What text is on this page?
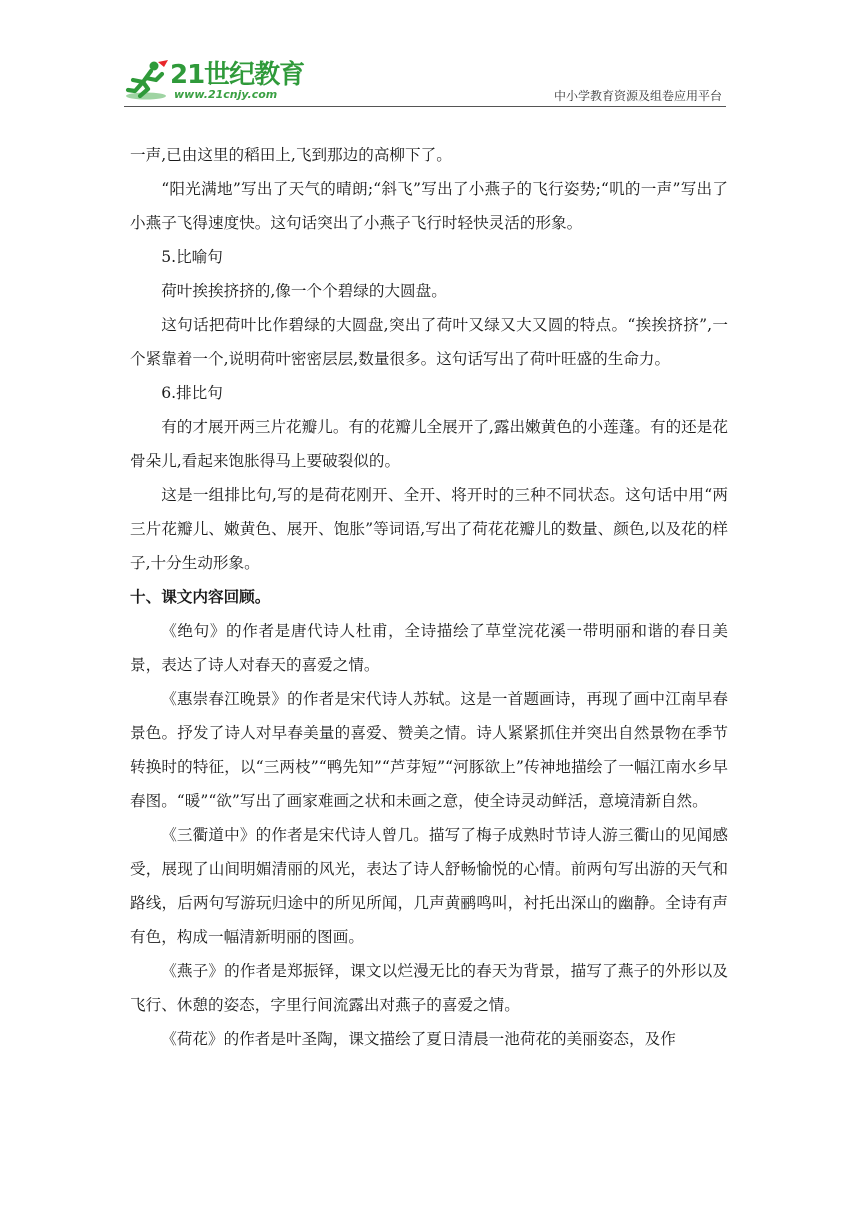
21世纪教育
www.21cnjy.com	中小学教育资源及组卷应用平台

一声,已由这里的稻田上,飞到那边的高柳下了。

“阳光满地”写出了天气的晴朗;“斜飞”写出了小燕子的飞行姿势;“叽的一声”写出了小燕子飞得速度快。这句话突出了小燕子飞行时轻快灵活的形象。

5.比喻句

荷叶挨挨挤挤的,像一个个碧绿的大圆盘。

这句话把荷叶比作碧绿的大圆盘,突出了荷叶又绿又大又圆的特点。“挨挨挤挤”,一个紧靠着一个,说明荷叶密密层层,数量很多。这句话写出了荷叶旺盛的生命力。

6.排比句

有的才展开两三片花瓣儿。有的花瓣儿全展开了,露出嫩黄色的小莲蓬。有的还是花骨朵儿,看起来饱胀得马上要破裂似的。

这是一组排比句,写的是荷花刚开、全开、将开时的三种不同状态。这句话中用“两三片花瓣儿、嫩黄色、展开、饱胀”等词语,写出了荷花花瓣儿的数量、颜色,以及花的样子,十分生动形象。

十、课文内容回顾。

《绝句》的作者是唐代诗人杜甫，全诗描绘了草堂浣花溪一带明丽和谐的春日美景，表达了诗人对春天的喜爱之情。

《惠崇春江晚景》的作者是宋代诗人苏轼。这是一首题画诗，再现了画中江南早春景色。抒发了诗人对早春美量的喜爱、赞美之情。诗人紧紧抓住并突出自然景物在季节转换时的特征，以“三两枝”“鸭先知”“芦芽短”“河豚欲上”传神地描绘了一幅江南水乡早春图。“暖”“欲”写出了画家难画之状和未画之意，使全诗灵动鲜活，意境清新自然。

《三衢道中》的作者是宋代诗人曾几。描写了梅子成熟时节诗人游三衢山的见闻感受，展现了山间明媚清丽的风光，表达了诗人舒畅愉悦的心情。前两句写出游的天气和路线，后两句写游玩归途中的所见所闻，几声黄鹂鸣叫，衬托出深山的幽静。全诗有声有色，构成一幅清新明丽的图画。

《燕子》的作者是郑振铎，课文以烂漫无比的春天为背景，描写了燕子的外形以及飞行、休憩的姿态，字里行间流露出对燕子的喜爱之情。

《荷花》的作者是叶圣陶，课文描绘了夏日清晨一池荷花的美丽姿态，及作
